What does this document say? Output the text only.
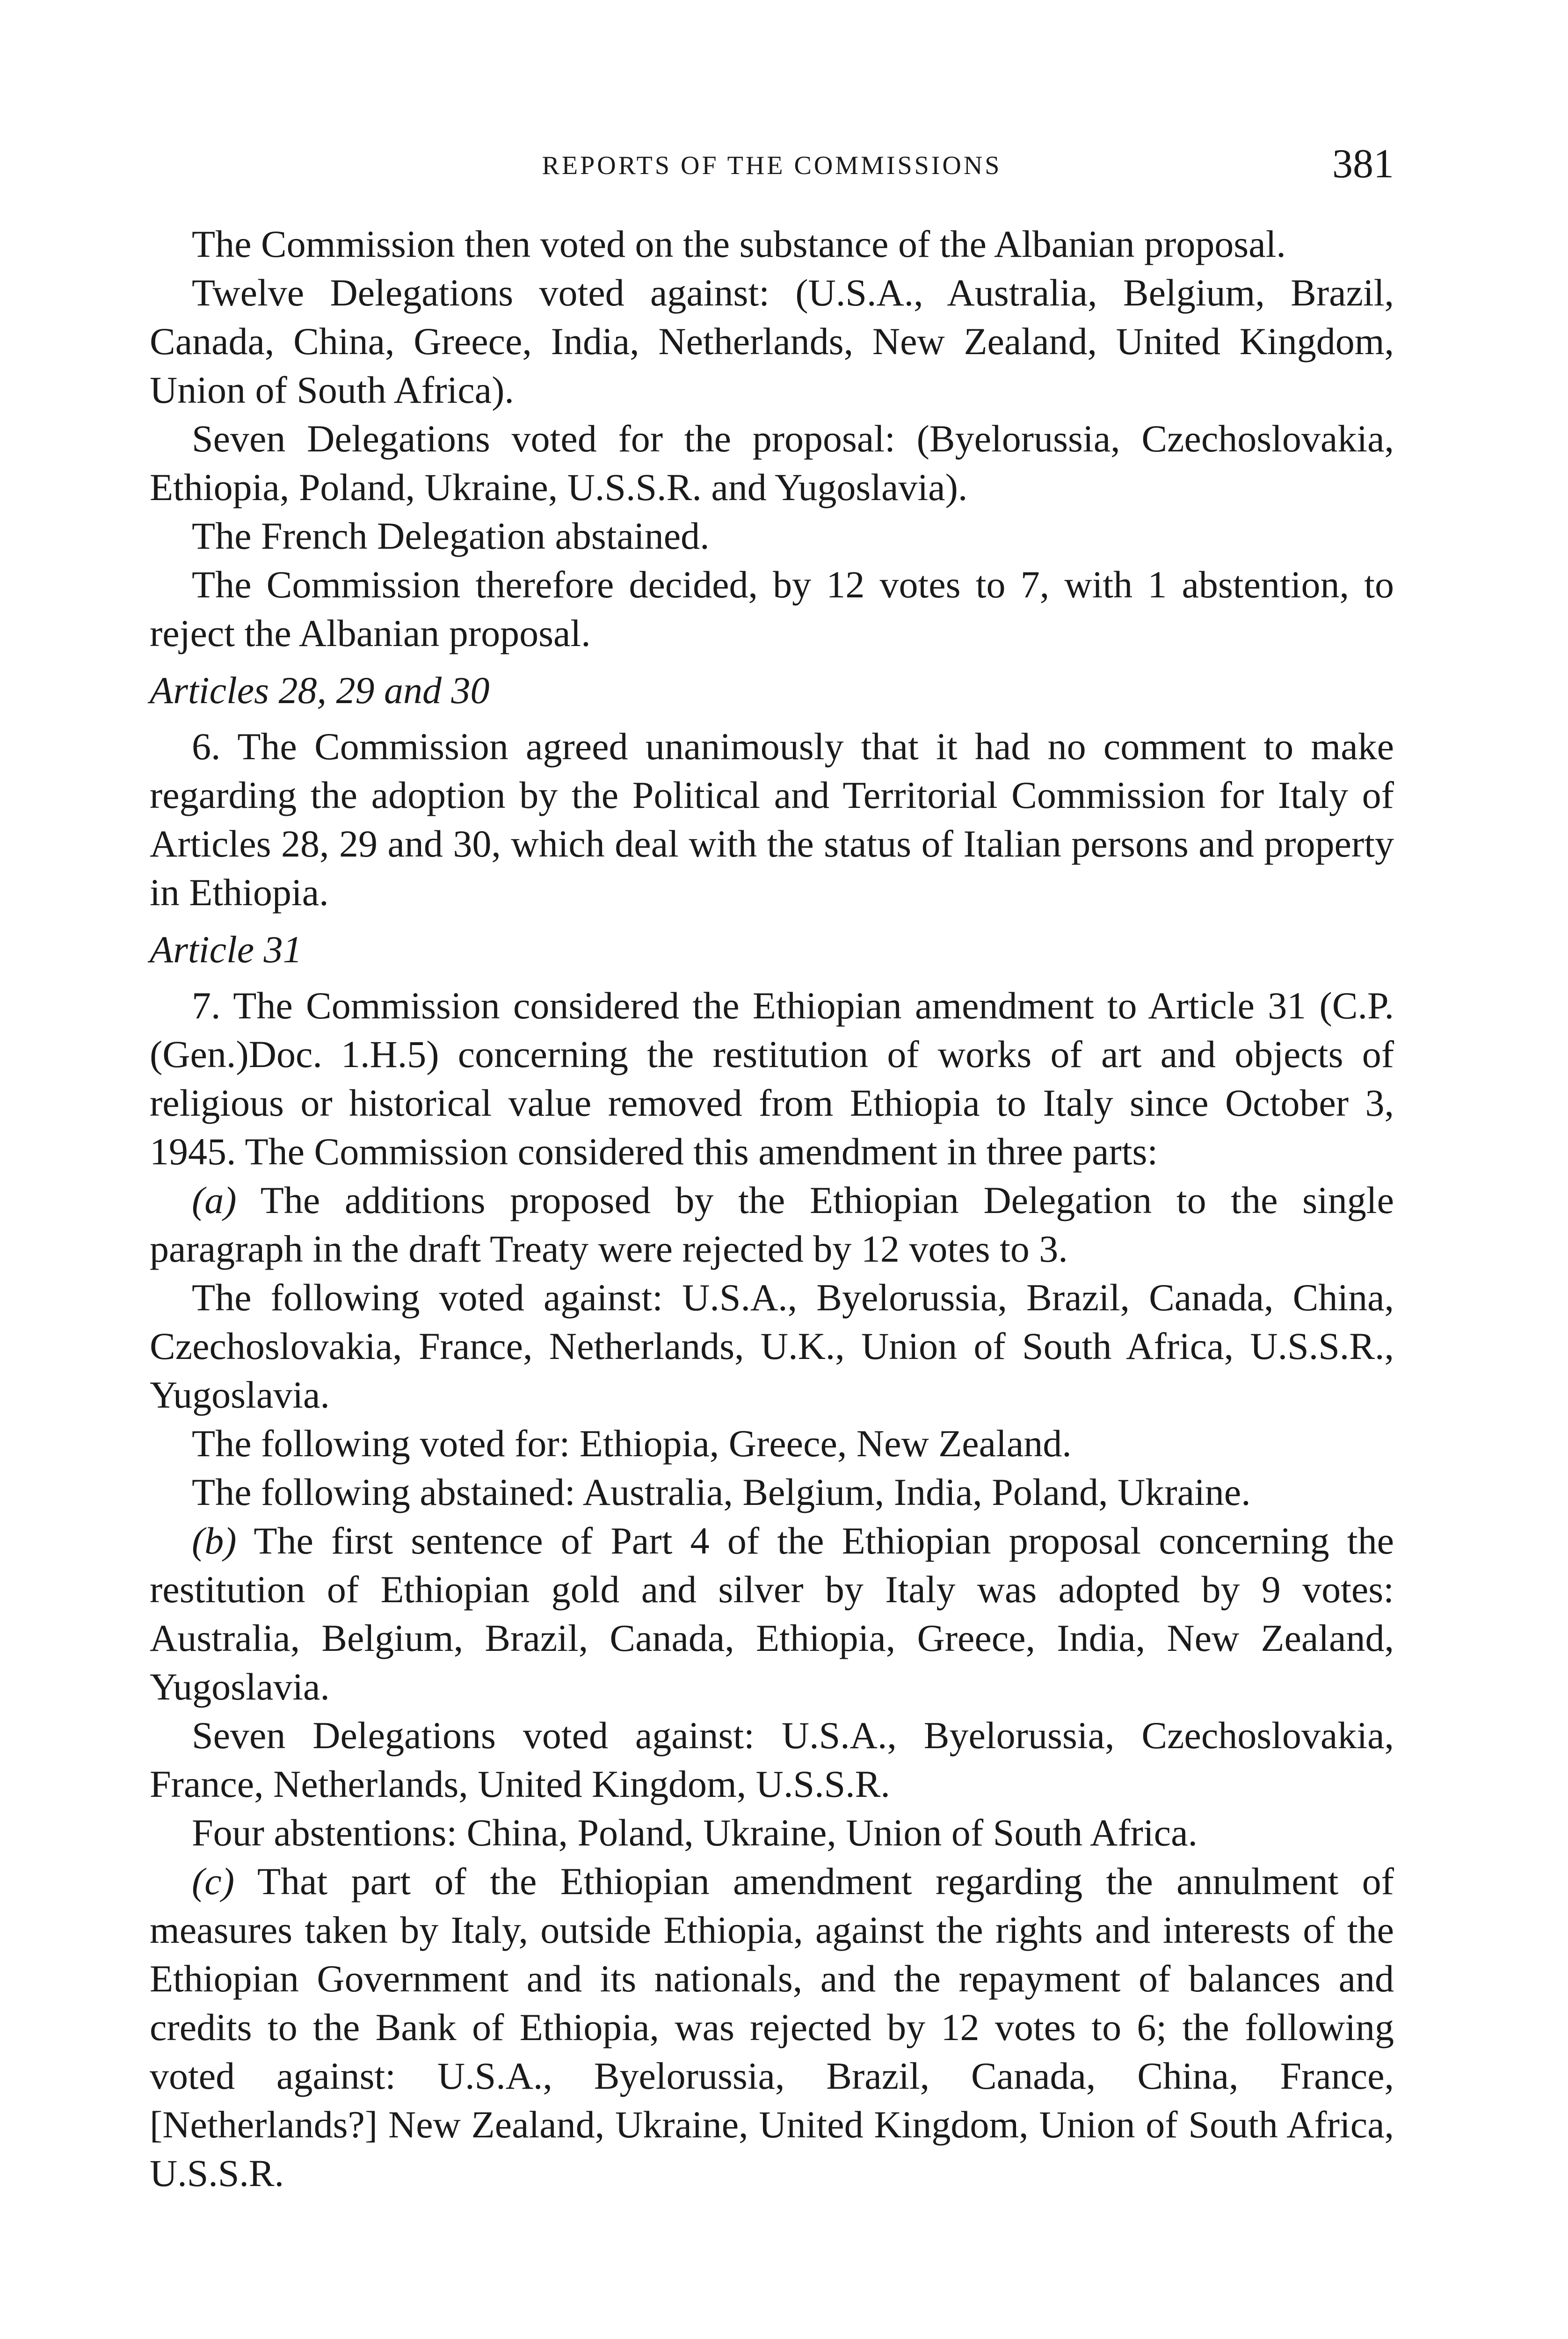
REPORTS OF THE COMMISSIONS	381

The Commission then voted on the substance of the Albanian proposal.

Twelve Delegations voted against: (U.S.A., Australia, Belgium, Brazil, Canada, China, Greece, India, Netherlands, New Zealand, United Kingdom, Union of South Africa).

Seven Delegations voted for the proposal: (Byelorussia, Czechoslovakia, Ethiopia, Poland, Ukraine, U.S.S.R. and Yugoslavia).

The French Delegation abstained.

The Commission therefore decided, by 12 votes to 7, with 1 abstention, to reject the Albanian proposal.

Articles 28, 29 and 30

6. The Commission agreed unanimously that it had no comment to make regarding the adoption by the Political and Territorial Commission for Italy of Articles 28, 29 and 30, which deal with the status of Italian persons and property in Ethiopia.

Article 31

7. The Commission considered the Ethiopian amendment to Article 31 (C.P.(Gen.)Doc. 1.H.5) concerning the restitution of works of art and objects of religious or historical value removed from Ethiopia to Italy since October 3, 1945. The Commission considered this amendment in three parts:

(a) The additions proposed by the Ethiopian Delegation to the single paragraph in the draft Treaty were rejected by 12 votes to 3.

The following voted against: U.S.A., Byelorussia, Brazil, Canada, China, Czechoslovakia, France, Netherlands, U.K., Union of South Africa, U.S.S.R., Yugoslavia.

The following voted for: Ethiopia, Greece, New Zealand.

The following abstained: Australia, Belgium, India, Poland, Ukraine.

(b) The first sentence of Part 4 of the Ethiopian proposal concerning the restitution of Ethiopian gold and silver by Italy was adopted by 9 votes: Australia, Belgium, Brazil, Canada, Ethiopia, Greece, India, New Zealand, Yugoslavia.

Seven Delegations voted against: U.S.A., Byelorussia, Czechoslovakia, France, Netherlands, United Kingdom, U.S.S.R.

Four abstentions: China, Poland, Ukraine, Union of South Africa.

(c) That part of the Ethiopian amendment regarding the annulment of measures taken by Italy, outside Ethiopia, against the rights and interests of the Ethiopian Government and its nationals, and the repayment of balances and credits to the Bank of Ethiopia, was rejected by 12 votes to 6; the following voted against: U.S.A., Byelorussia, Brazil, Canada, China, France, [Netherlands?] New Zealand, Ukraine, United Kingdom, Union of South Africa, U.S.S.R.
